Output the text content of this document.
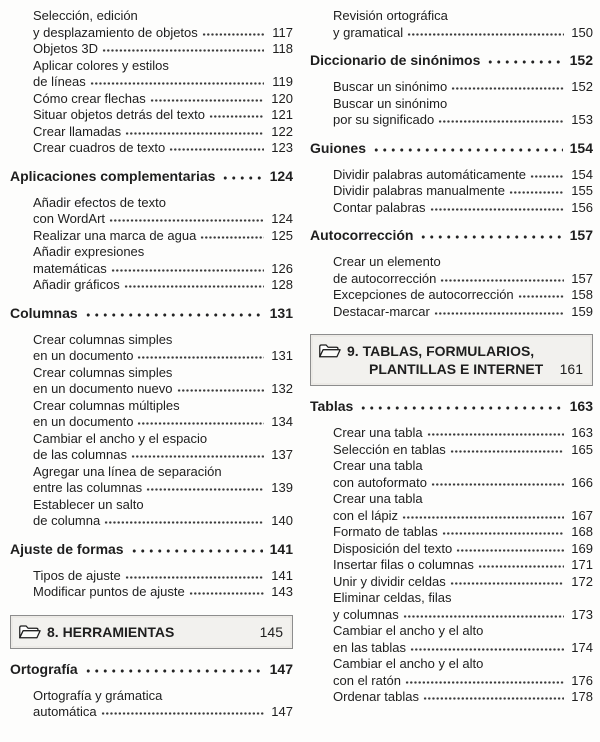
Selección, edición
y desplazamiento de objetos	117
Objetos 3D	118
Aplicar colores y estilos
de líneas	119
Cómo crear flechas	120
Situar objetos detrás del texto	121
Crear llamadas	122
Crear cuadros de texto	123
Aplicaciones complementarias	124
Añadir efectos de texto
con WordArt	124
Realizar una marca de agua	125
Añadir expresiones
matemáticas	126
Añadir gráficos	128
Columnas	131
Crear columnas simples
en un documento	131
Crear columnas simples
en un documento nuevo	132
Crear columnas múltiples
en un documento	134
Cambiar el ancho y el espacio
de las columnas	137
Agregar una línea de separación
entre las columnas	139
Establecer un salto
de columna	140
Ajuste de formas	141
Tipos de ajuste	141
Modificar puntos de ajuste	143
8. HERRAMIENTAS	145
Ortografía	147
Ortografía y grámatica
automática	147
Revisión ortográfica
y gramatical	150
Diccionario de sinónimos	152
Buscar un sinónimo	152
Buscar un sinónimo
por su significado	153
Guiones	154
Dividir palabras automáticamente	154
Dividir palabras manualmente	155
Contar palabras	156
Autocorrección	157
Crear un elemento
de autocorrección	157
Excepciones de autocorrección	158
Destacar-marcar	159
9. TABLAS, FORMULARIOS,
PLANTILLAS E INTERNET 161
Tablas	163
Crear una tabla	163
Selección en tablas	165
Crear una tabla
con autoformato	166
Crear una tabla
con el lápiz	167
Formato de tablas	168
Disposición del texto	169
Insertar filas o columnas	171
Unir y dividir celdas	172
Eliminar celdas, filas
y columnas	173
Cambiar el ancho y el alto
en las tablas	174
Cambiar el ancho y el alto
con el ratón	176
Ordenar tablas	178
